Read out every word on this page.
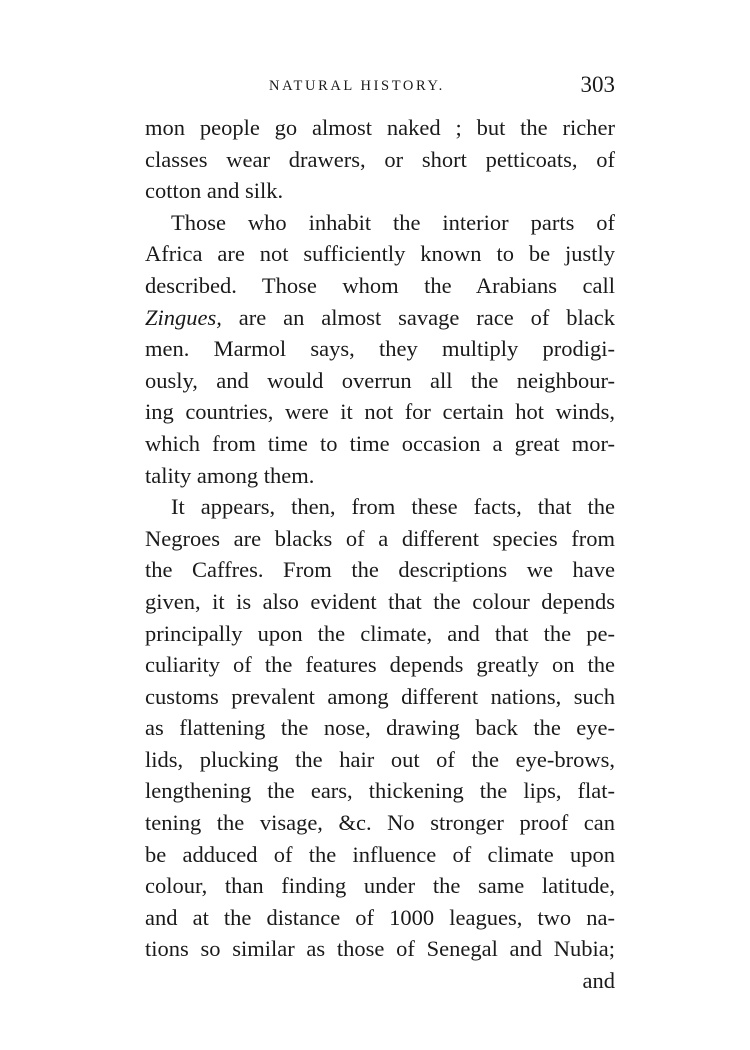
NATURAL HISTORY.	303
mon people go almost naked ; but the richer
classes wear drawers, or short petticoats, of
cotton and silk.
Those who inhabit the interior parts of
Africa are not sufficiently known to be justly
described. Those whom the Arabians call
Zingues, are an almost savage race of black
men. Marmol says, they multiply prodigi-
ously, and would overrun all the neighbour-
ing countries, were it not for certain hot winds,
which from time to time occasion a great mor-
tality among them.
It appears, then, from these facts, that the
Negroes are blacks of a different species from
the Caffres. From the descriptions we have
given, it is also evident that the colour depends
principally upon the climate, and that the pe-
culiarity of the features depends greatly on the
customs prevalent among different nations, such
as flattening the nose, drawing back the eye-
lids, plucking the hair out of the eye-brows,
lengthening the ears, thickening the lips, flat-
tening the visage, &c. No stronger proof can
be adduced of the influence of climate upon
colour, than finding under the same latitude,
and at the distance of 1000 leagues, two na-
tions so similar as those of Senegal and Nubia;
and
